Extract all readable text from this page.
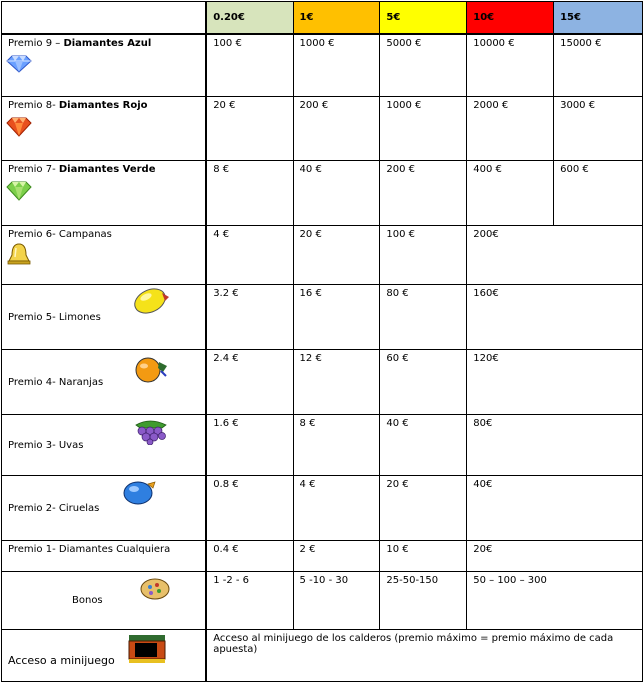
	0.20€	1€	5€	10€	15€
Premio 9 – Diamantes Azul	100 €	1000 €	5000 €	10000 €	15000 €
Premio 8- Diamantes Rojo	20 €	200 €	1000 €	2000 €	3000 €
Premio 7- Diamantes Verde	8 €	40 €	200 €	400 €	600 €
Premio 6- Campanas	4 €	20 €	100 €	200€	
Premio 5- Limones	3.2 €	16 €	80 €	160€	
Premio 4- Naranjas	2.4 €	12 €	60 €	120€	
Premio 3- Uvas	1.6 €	8 €	40 €	80€	
Premio 2- Ciruelas	0.8 €	4 €	20 €	40€	
Premio 1- Diamantes Cualquiera	0.4 €	2 €	10 €	20€	
Bonos	1 -2 - 6	5 -10 - 30	25-50-150	50 – 100 – 300	
Acceso a minijuego	Acceso al minijuego de los calderos (premio máximo = premio máximo de cada apuesta)				
